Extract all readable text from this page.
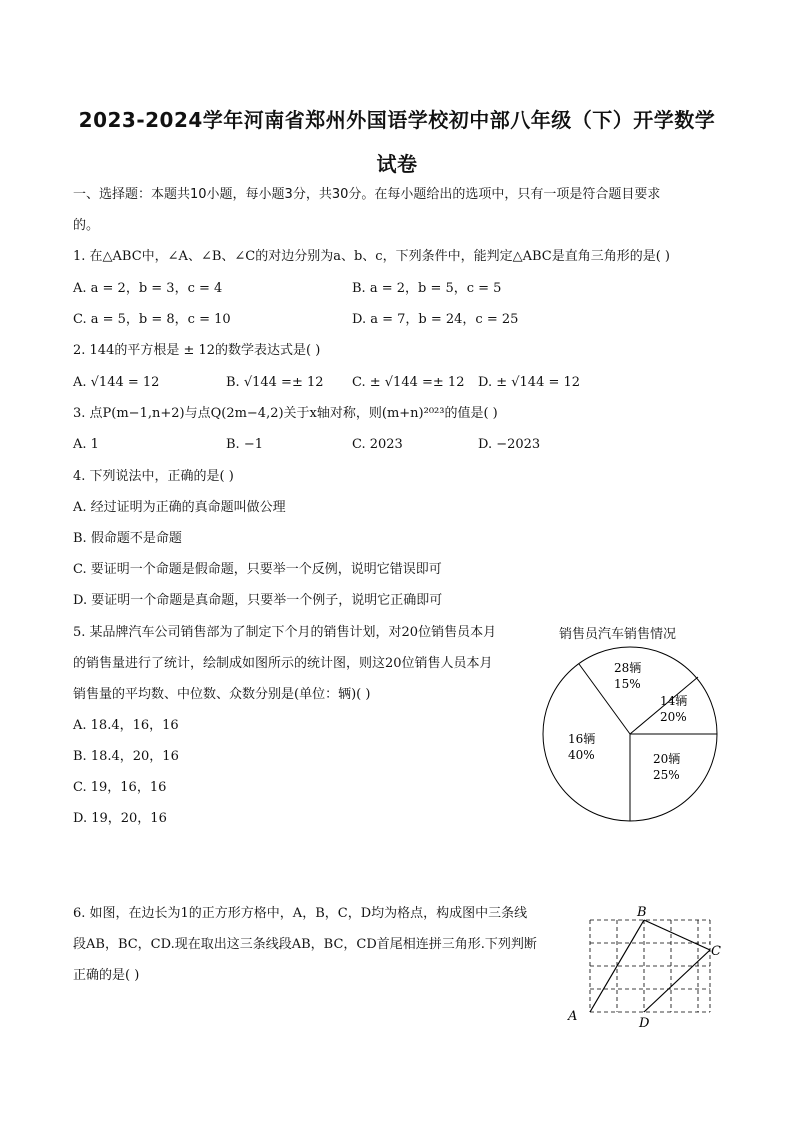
2023-2024学年河南省郑州外国语学校初中部八年级（下）开学数学
试卷
一、选择题：本题共10小题，每小题3分，共30分。在每小题给出的选项中，只有一项是符合题目要求
的。
1. 在△ABC中，∠A、∠B、∠C的对边分别为a、b、c，下列条件中，能判定△ABC是直角三角形的是( )
A. a = 2，b = 3，c = 4	B. a = 2，b = 5，c = 5
C. a = 5，b = 8，c = 10	D. a = 7，b = 24，c = 25
2. 144的平方根是 ± 12的数学表达式是( )
A. √144 = 12	B. √144 =± 12 C. ± √144 =± 12 D. ± √144 = 12
3. 点P(m−1,n+2)与点Q(2m−4,2)关于x轴对称，则(m+n)²⁰²³的值是( )
A. 1	B. −1	C. 2023	D. −2023
4. 下列说法中，正确的是( )
A. 经过证明为正确的真命题叫做公理
B. 假命题不是命题
C. 要证明一个命题是假命题，只要举一个反例，说明它错误即可
D. 要证明一个命题是真命题，只要举一个例子，说明它正确即可
5. 某品牌汽车公司销售部为了制定下个月的销售计划，对20位销售员本月
的销售量进行了统计，绘制成如图所示的统计图，则这20位销售人员本月
销售量的平均数、中位数、众数分别是(单位：辆)( )
A. 18.4，16，16
B. 18.4，20，16
C. 19，16，16
D. 19，20，16
销售员汽车销售情况
28辆
15%
14辆
20%
20辆
25%
16辆
40%
6. 如图，在边长为1的正方形方格中，A，B，C，D均为格点，构成图中三条线
段AB，BC，CD.现在取出这三条线段AB，BC，CD首尾相连拼三角形.下列判断
正确的是( )
A
B
C
D
